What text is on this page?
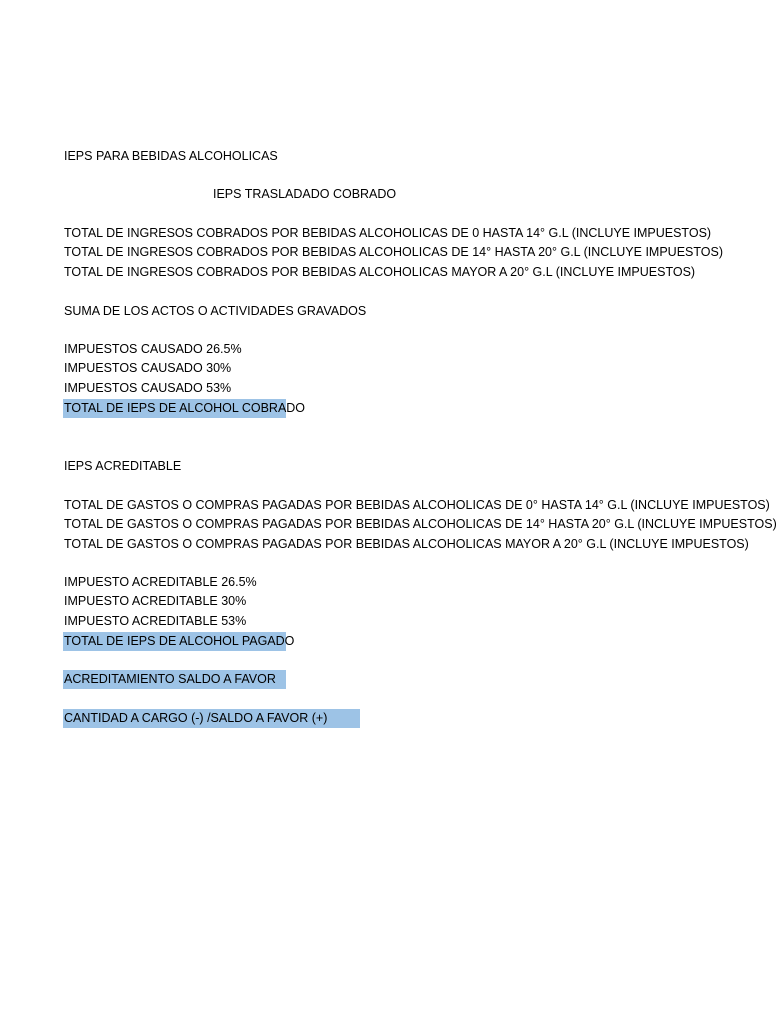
IEPS PARA BEBIDAS ALCOHOLICAS
IEPS TRASLADADO COBRADO
TOTAL DE INGRESOS COBRADOS POR BEBIDAS ALCOHOLICAS DE 0 HASTA 14° G.L (INCLUYE IMPUESTOS)
TOTAL DE INGRESOS COBRADOS POR BEBIDAS ALCOHOLICAS DE 14° HASTA 20° G.L (INCLUYE IMPUESTOS)
TOTAL DE INGRESOS COBRADOS POR BEBIDAS ALCOHOLICAS MAYOR A 20° G.L (INCLUYE IMPUESTOS)
SUMA DE LOS ACTOS O ACTIVIDADES GRAVADOS
IMPUESTOS CAUSADO 26.5%
IMPUESTOS CAUSADO 30%
IMPUESTOS CAUSADO 53%
TOTAL DE IEPS DE ALCOHOL COBRADO
IEPS ACREDITABLE
TOTAL DE GASTOS O COMPRAS PAGADAS POR BEBIDAS ALCOHOLICAS DE 0° HASTA 14° G.L (INCLUYE IMPUESTOS)
TOTAL DE GASTOS O COMPRAS PAGADAS POR BEBIDAS ALCOHOLICAS DE 14° HASTA 20° G.L (INCLUYE IMPUESTOS)
TOTAL DE GASTOS O COMPRAS PAGADAS POR BEBIDAS ALCOHOLICAS MAYOR A 20° G.L (INCLUYE IMPUESTOS)
IMPUESTO ACREDITABLE 26.5%
IMPUESTO ACREDITABLE 30%
IMPUESTO ACREDITABLE 53%
TOTAL DE IEPS DE ALCOHOL PAGADO
ACREDITAMIENTO SALDO A FAVOR
CANTIDAD A CARGO (-) /SALDO A FAVOR (+)
